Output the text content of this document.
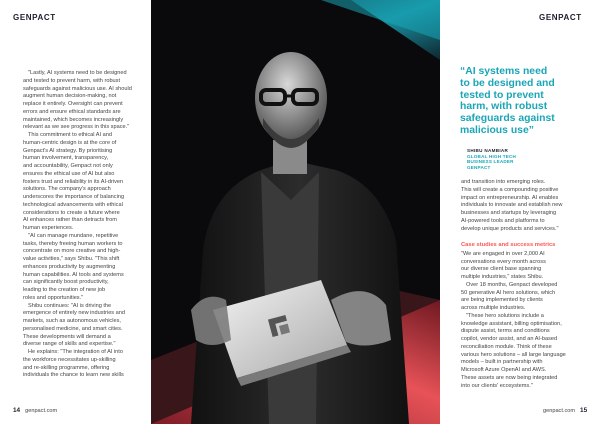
GENPACT	GENPACT

"Lastly, AI systems need to be designed

and tested to prevent harm, with robust

safeguards against malicious use. AI should

augment human decision-making, not

replace it entirely. Oversight can prevent

errors and ensure ethical standards are

maintained, which becomes increasingly

relevant as we see progress in this space."

This commitment to ethical AI and

human-centric design is at the core of

Genpact's AI strategy. By prioritising

human involvement, transparency,

and accountability, Genpact not only

ensures the ethical use of AI but also

fosters trust and reliability in its AI-driven

solutions. The company's approach

underscores the importance of balancing

technological advancements with ethical

considerations to create a future where

AI enhances rather than detracts from

human experiences.

"AI can manage mundane, repetitive

tasks, thereby freeing human workers to

concentrate on more creative and high-

value activities," says Shibu. "This shift

enhances productivity by augmenting

human capabilities. AI tools and systems

can significantly boost productivity,

leading to the creation of new job

roles and opportunities."

Shibu continues: "AI is driving the

emergence of entirely new industries and

markets, such as autonomous vehicles,

personalised medicine, and smart cities.

These developments will demand a

diverse range of skills and expertise."

He explains: "The integration of AI into

the workforce necessitates up-skilling

and re-skilling programme, offering

individuals the chance to learn new skills

“AI systems need
to be designed and
tested to prevent
harm, with robust
safeguards against
malicious use”
SHIBU NAMBIAR
GLOBAL HIGH TECH
BUSINESS LEADER
GENPACT

and transition into emerging roles.

This will create a compounding positive

impact on entrepreneurship. AI enables

individuals to innovate and establish new

businesses and startups by leveraging

AI-powered tools and platforms to

develop unique products and services."

Case studies and success metrics

"We are engaged in over 2,000 AI

conversations every month across

our diverse client base spanning

multiple industries," states Shibu.

Over 18 months, Genpact developed

50 generative AI hero solutions, which

are being implemented by clients

across multiple industries.

"These hero solutions include a

knowledge assistant, billing optimisation,

dispute assist, terms and conditions

copilot, vendor assist, and an AI-based

reconciliation module. Think of these

various hero solutions – all large language

models – built in partnership with

Microsoft Azure OpenAI and AWS.

These assets are now being integrated

into our clients' ecosystems."

14 genpact.com	genpact.com 15
